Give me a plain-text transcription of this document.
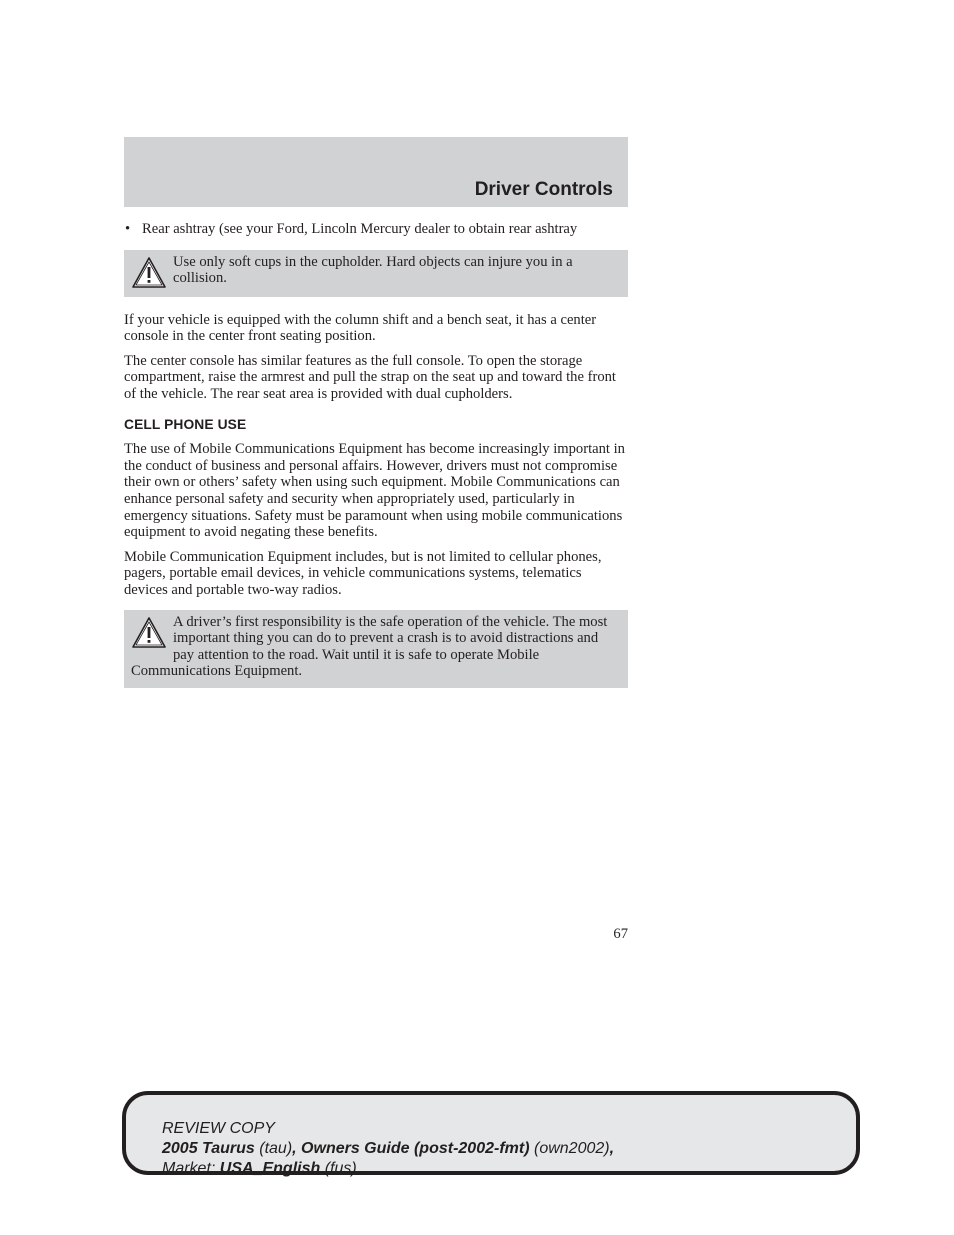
Driver Controls
• Rear ashtray (see your Ford, Lincoln Mercury dealer to obtain rear ashtray

Use only soft cups in the cupholder. Hard objects can injure you in a collision.

If your vehicle is equipped with the column shift and a bench seat, it has a center console in the center front seating position.

The center console has similar features as the full console. To open the storage compartment, raise the armrest and pull the strap on the seat up and toward the front of the vehicle. The rear seat area is provided with dual cupholders.

CELL PHONE USE

The use of Mobile Communications Equipment has become increasingly important in the conduct of business and personal affairs. However, drivers must not compromise their own or others’ safety when using such equipment. Mobile Communications can enhance personal safety and security when appropriately used, particularly in emergency situations. Safety must be paramount when using mobile communications equipment to avoid negating these benefits.

Mobile Communication Equipment includes, but is not limited to cellular phones, pagers, portable email devices, in vehicle communications systems, telematics devices and portable two-way radios.

A driver’s first responsibility is the safe operation of the vehicle. The most important thing you can do to prevent a crash is to avoid distractions and pay attention to the road. Wait until it is safe to operate Mobile Communications Equipment.

67
REVIEW COPY
2005 Taurus (tau), Owners Guide (post-2002-fmt) (own2002),
Market: USA_English (fus)
